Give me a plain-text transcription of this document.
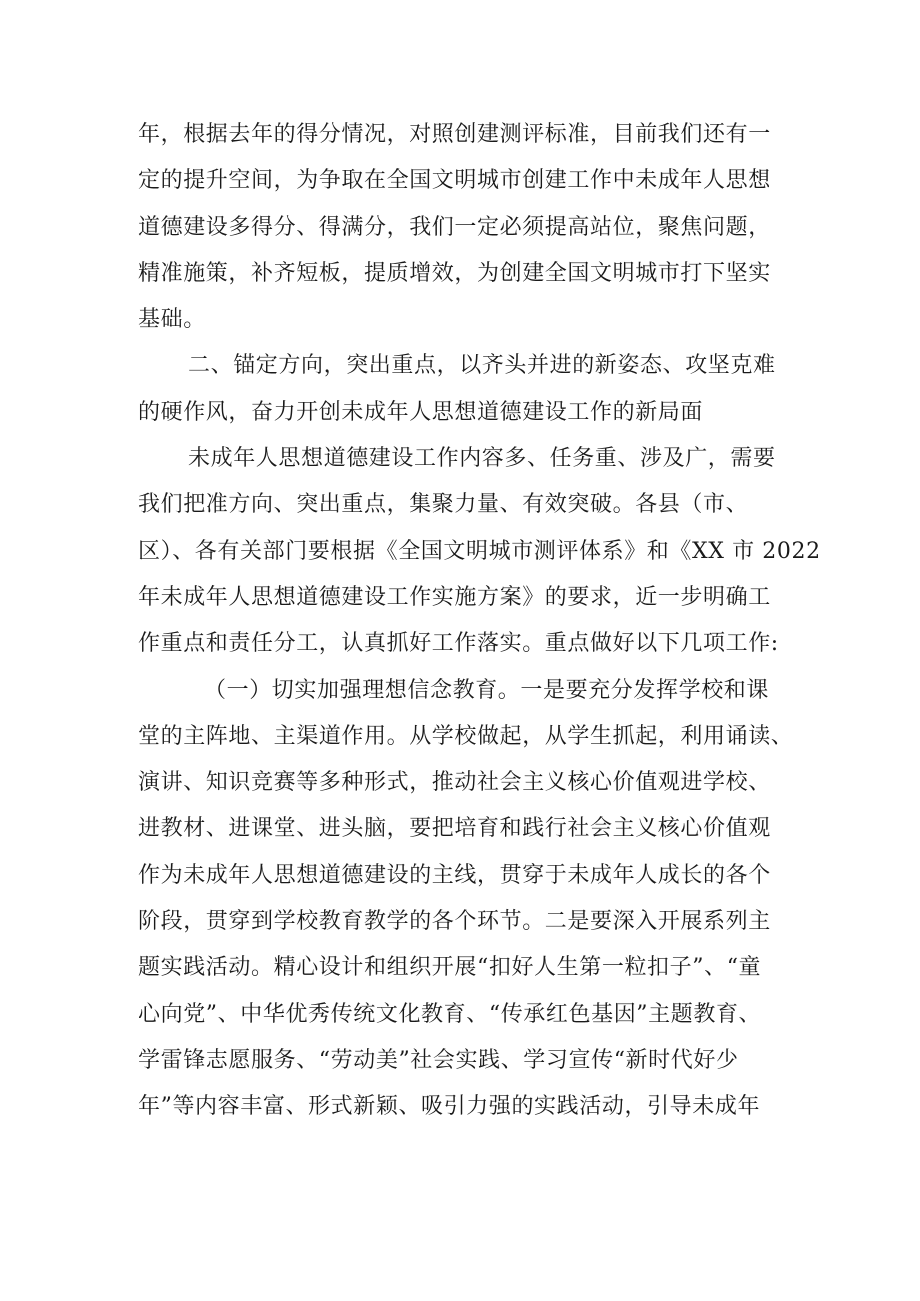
年，根据去年的得分情况，对照创建测评标准，目前我们还有一
定的提升空间，为争取在全国文明城市创建工作中未成年人思想
道德建设多得分、得满分，我们一定必须提高站位，聚焦问题，
精准施策，补齐短板，提质增效，为创建全国文明城市打下坚实
基础。
二、锚定方向，突出重点，以齐头并进的新姿态、攻坚克难
的硬作风，奋力开创未成年人思想道德建设工作的新局面
未成年人思想道德建设工作内容多、任务重、涉及广，需要
我们把准方向、突出重点，集聚力量、有效突破。各县（市、
区）、各有关部门要根据《全国文明城市测评体系》和《XX 市 2022
年未成年人思想道德建设工作实施方案》的要求，近一步明确工
作重点和责任分工，认真抓好工作落实。重点做好以下几项工作:
（一）切实加强理想信念教育。一是要充分发挥学校和课
堂的主阵地、主渠道作用。从学校做起，从学生抓起，利用诵读、
演讲、知识竞赛等多种形式，推动社会主义核心价值观进学校、
进教材、进课堂、进头脑，要把培育和践行社会主义核心价值观
作为未成年人思想道德建设的主线，贯穿于未成年人成长的各个
阶段，贯穿到学校教育教学的各个环节。二是要深入开展系列主
题实践活动。精心设计和组织开展“扣好人生第一粒扣子”、“童
心向党”、中华优秀传统文化教育、“传承红色基因”主题教育、
学雷锋志愿服务、“劳动美”社会实践、学习宣传“新时代好少
年”等内容丰富、形式新颖、吸引力强的实践活动，引导未成年
